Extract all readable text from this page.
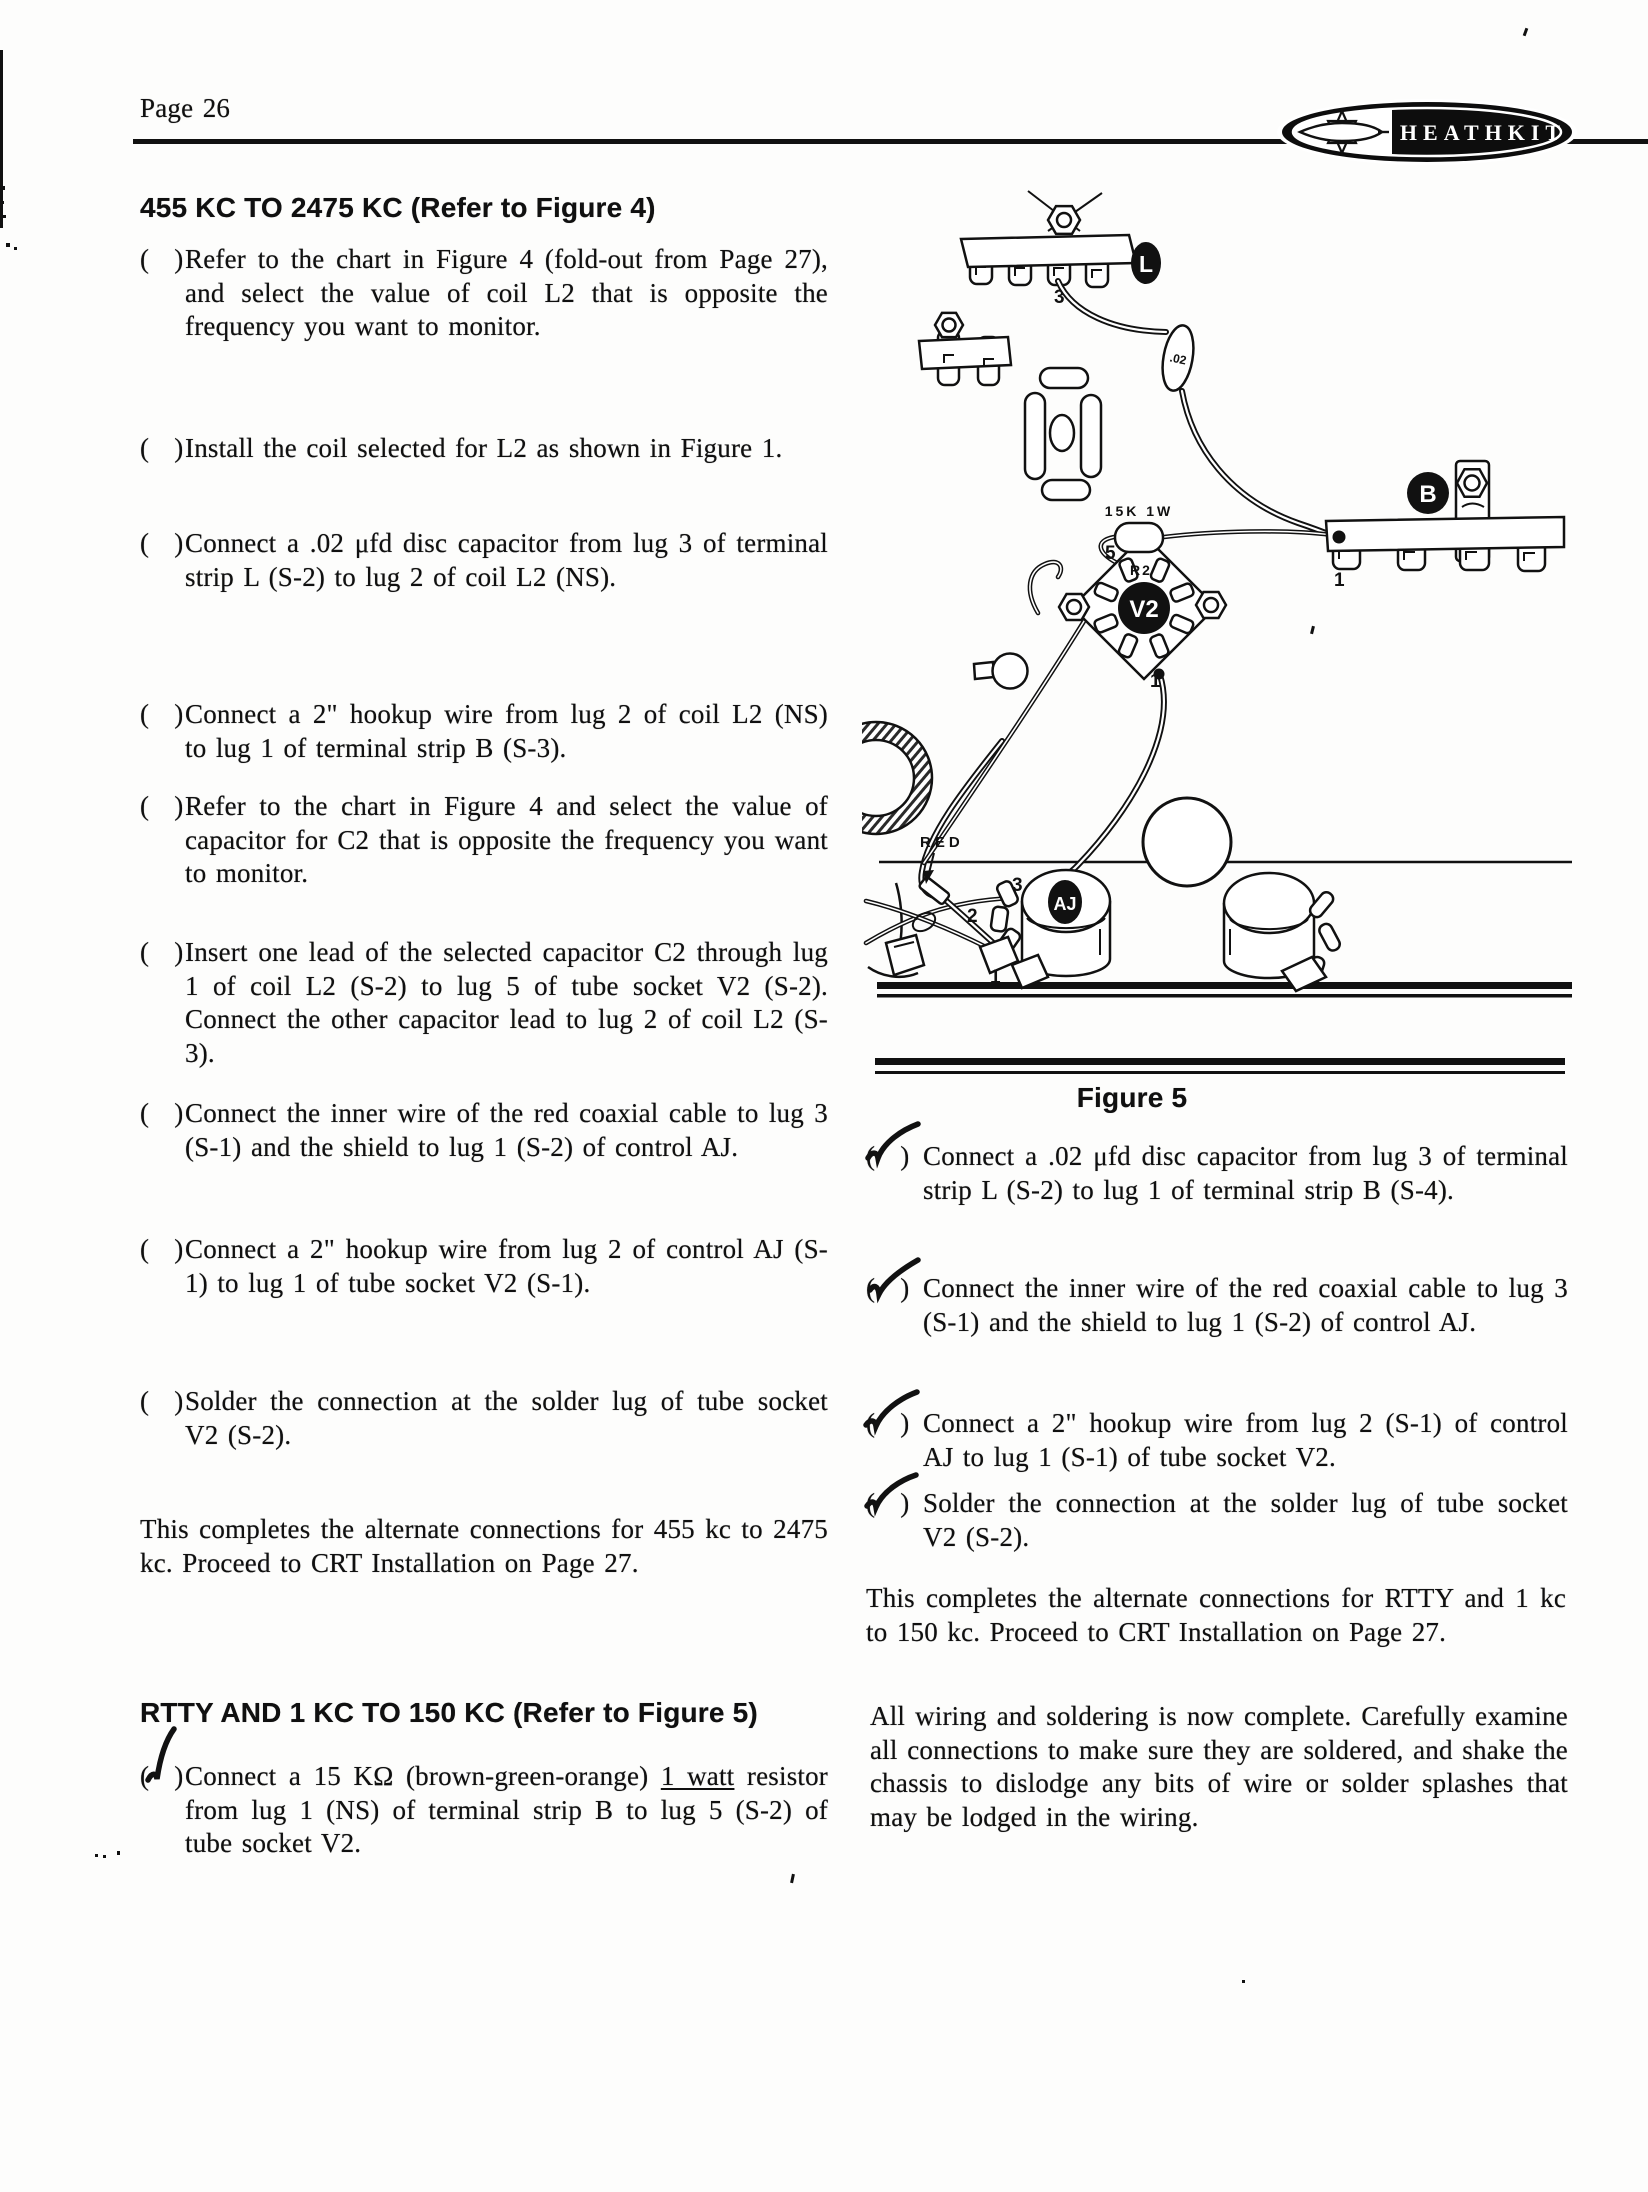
Page 26
HEATHKIT
455 KC TO 2475 KC (Refer to Figure 4)
( )
Refer to the chart in Figure 4 (fold-out from Page 27), and select the value of coil L2 that is opposite the frequency you want to monitor.
( )
Install the coil selected for L2 as shown in Figure 1.
( )
Connect a .02 μfd disc capacitor from lug 3 of terminal strip L (S-2) to lug 2 of coil L2 (NS).
( )
Connect a 2" hookup wire from lug 2 of coil L2 (NS) to lug 1 of terminal strip B (S-3).
( )
Refer to the chart in Figure 4 and select the value of capacitor for C2 that is opposite the frequency you want to monitor.
( )
Insert one lead of the selected capacitor C2 through lug 1 of coil L2 (S-2) to lug 5 of tube socket V2 (S-2). Connect the other capacitor lead to lug 2 of coil L2 (S-3).
( )
Connect the inner wire of the red coaxial cable to lug 3 (S-1) and the shield to lug 1 (S-2) of control AJ.
( )
Connect a 2" hookup wire from lug 2 of control AJ (S-1) to lug 1 of tube socket V2 (S-1).
( )
Solder the connection at the solder lug of tube socket V2 (S-2).
This completes the alternate connections for 455 kc to 2475 kc. Proceed to CRT Installation on Page 27.
RTTY AND 1 KC TO 150 KC (Refer to Figure 5)
( )
Connect a 15 KΩ (brown-green-orange) 1 watt resistor from lug 1 (NS) of terminal strip B to lug 5 (S-2) of tube socket V2.
AJ
3
2
1
L
3
.02
V2
5
1
15K 1W
R2
B
1
RED
Figure 5
( ) Connect a .02 μfd disc capacitor from lug 3 of terminal strip L (S-2) to lug 1 of terminal strip B (S-4).
( ) Connect the inner wire of the red coaxial cable to lug 3 (S-1) and the shield to lug 1 (S-2) of control AJ.
( ) Connect a 2" hookup wire from lug 2 (S-1) of control AJ to lug 1 (S-1) of tube socket V2.
( ) Solder the connection at the solder lug of tube socket V2 (S-2).
This completes the alternate connections for RTTY and 1 kc to 150 kc. Proceed to CRT Installation on Page 27.
All wiring and soldering is now complete. Carefully examine all connections to make sure they are soldered, and shake the chassis to dislodge any bits of wire or solder splashes that may be lodged in the wiring.
